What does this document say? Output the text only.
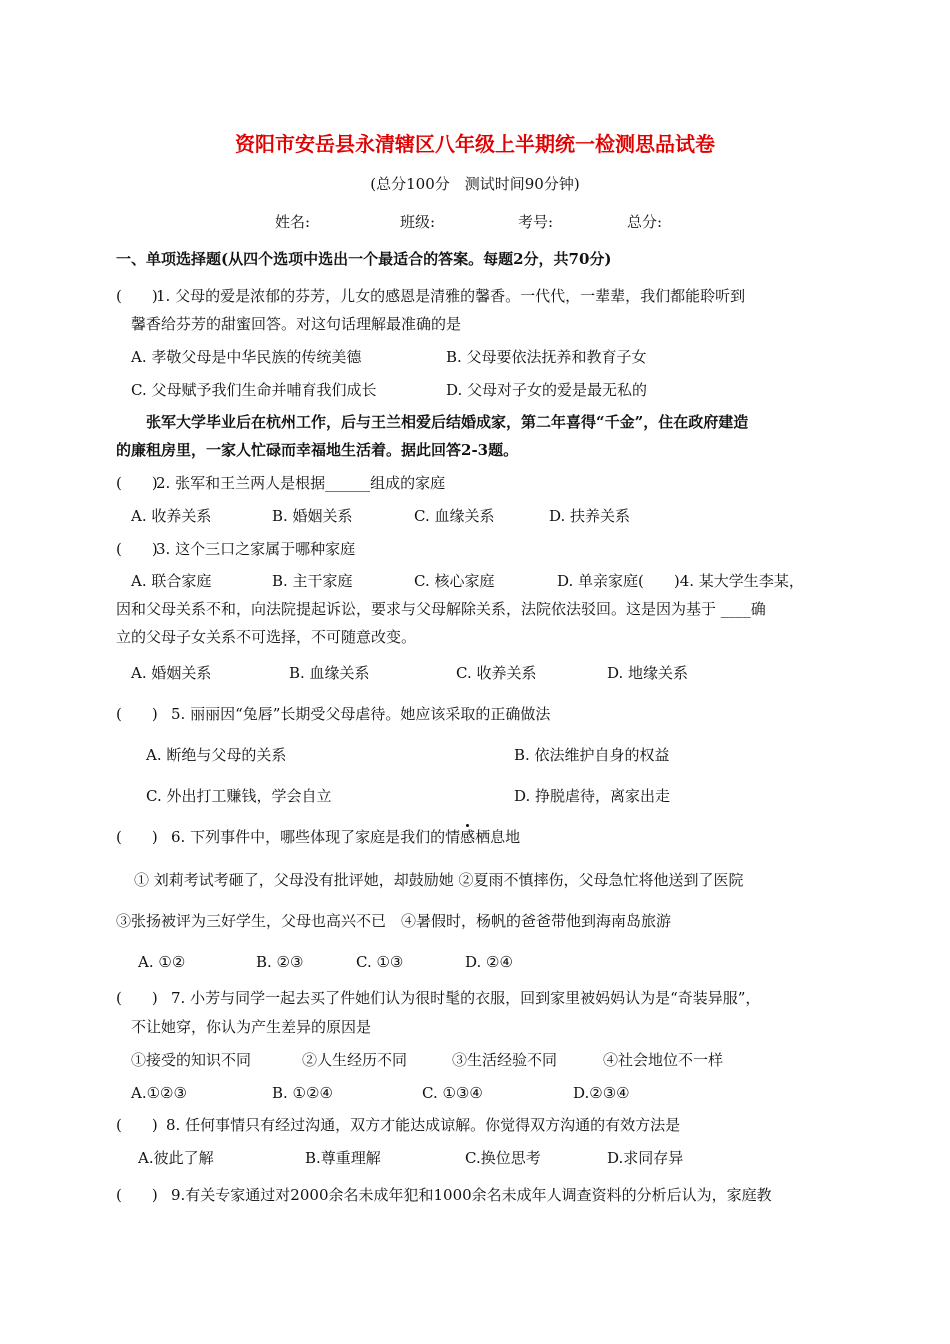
资阳市安岳县永清辖区八年级上半期统一检测思品试卷
(总分100分　测试时间90分钟)
姓名:	班级:	考号:	总分:
一、单项选择题(从四个选项中选出一个最适合的答案。每题2分，共70分)
(　　)1. 父母的爱是浓郁的芬芳，儿女的感恩是清雅的馨香。一代代，一辈辈，我们都能聆听到
馨香给芬芳的甜蜜回答。对这句话理解最准确的是
A. 孝敬父母是中华民族的传统美德	B. 父母要依法抚养和教育子女
C. 父母赋予我们生命并哺育我们成长	D. 父母对子女的爱是最无私的
张军大学毕业后在杭州工作，后与王兰相爱后结婚成家，第二年喜得“千金”，住在政府建造
的廉租房里，一家人忙碌而幸福地生活着。据此回答2-3题。
(　　)2. 张军和王兰两人是根据______组成的家庭
A. 收养关系	B. 婚姻关系	C. 血缘关系	D. 扶养关系
(　　)3. 这个三口之家属于哪种家庭
A. 联合家庭	B. 主干家庭	C. 核心家庭	D. 单亲家庭(　　)4. 某大学生李某，
因和父母关系不和，向法院提起诉讼，要求与父母解除关系，法院依法驳回。这是因为基于 ____确
立的父母子女关系不可选择，不可随意改变。
A. 婚姻关系	B. 血缘关系	C. 收养关系	D. 地缘关系
(　　) 5. 丽丽因“兔唇”长期受父母虐待。她应该采取的正确做法
A. 断绝与父母的关系	B. 依法维护自身的权益
C. 外出打工赚钱，学会自立	D. 挣脱虐待，离家出走
(　　) 6. 下列事件中，哪些体现了家庭是我们的情感栖息地
① 刘莉考试考砸了，父母没有批评她，却鼓励她 ②夏雨不慎摔伤，父母急忙将他送到了医院
③张扬被评为三好学生，父母也高兴不已　④暑假时，杨帆的爸爸带他到海南岛旅游
A. ①②	B. ②③	C. ①③	D. ②④
(　　) 7. 小芳与同学一起去买了件她们认为很时髦的衣服，回到家里被妈妈认为是“奇装异服”，
不让她穿，你认为产生差异的原因是
①接受的知识不同	②人生经历不同	③生活经验不同	④社会地位不一样
A.①②③	B. ①②④	C. ①③④	D.②③④
(　　) 8. 任何事情只有经过沟通，双方才能达成谅解。你觉得双方沟通的有效方法是
A.彼此了解	B.尊重理解	C.换位思考	D.求同存异
(　　) 9.有关专家通过对2000余名未成年犯和1000余名未成年人调查资料的分析后认为，家庭教
